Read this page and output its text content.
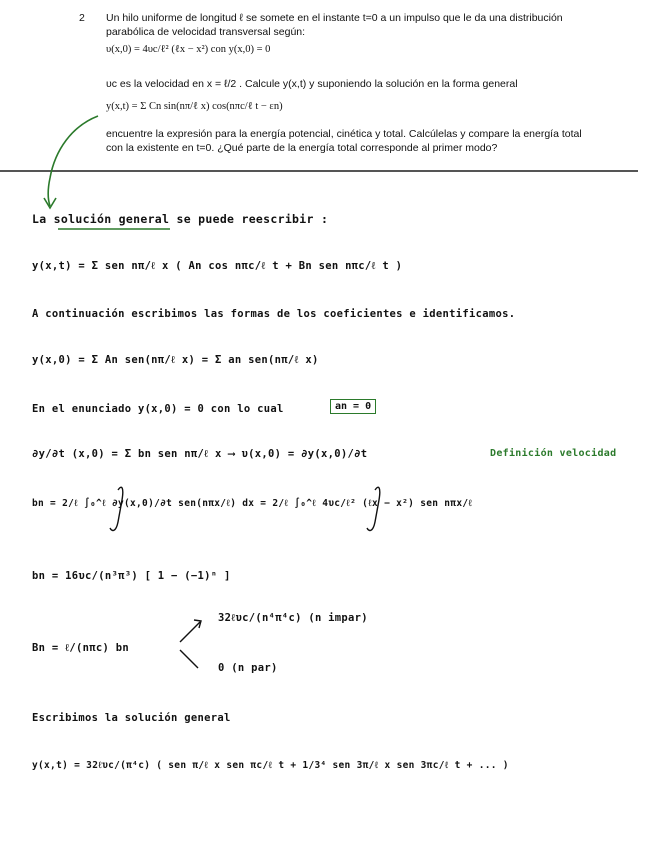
2 Un hilo uniforme de longitud ℓ se somete en el instante t=0 a un impulso que le da una distribución
parabólica de velocidad transversal según:
υ(x,0) = 4υc/ℓ² (ℓx − x²) con y(x,0) = 0
υc es la velocidad en x = ℓ/2 . Calcule y(x,t) y suponiendo la solución en la forma general
y(x,t) = Σ Cn sin(nπ/ℓ x) cos(nπc/ℓ t − εn)
encuentre la expresión para la energía potencial, cinética y total. Calcúlelas y compare la energía total
con la existente en t=0. ¿Qué parte de la energía total corresponde al primer modo?
La solución general se puede reescribir :
y(x,t) = Σ sen nπ/ℓ x ( An cos nπc/ℓ t + Bn sen nπc/ℓ t )
A continuación escribimos las formas de los coeficientes e identificamos.
y(x,0) = Σ An sen(nπ/ℓ x) = Σ an sen(nπ/ℓ x)
En el enunciado y(x,0) = 0 con lo cual	an = 0
∂y/∂t (x,0) = Σ bn sen nπ/ℓ x ⟶ υ(x,0) = ∂y(x,0)/∂t	Definición velocidad
bn = 2/ℓ ∫₀^ℓ ∂y(x,0)/∂t sen(nπx/ℓ) dx = 2/ℓ ∫₀^ℓ 4υc/ℓ² (ℓx − x²) sen nπx/ℓ
bn = 16υc/(n³π³) [ 1 − (−1)ⁿ ]
Bn = ℓ/(nπc) bn
32ℓυc/(n⁴π⁴c) (n impar)
0 (n par)
Escribimos la solución general
y(x,t) = 32ℓυc/(π⁴c) ( sen π/ℓ x sen πc/ℓ t + 1/3⁴ sen 3π/ℓ x sen 3πc/ℓ t + ... )
